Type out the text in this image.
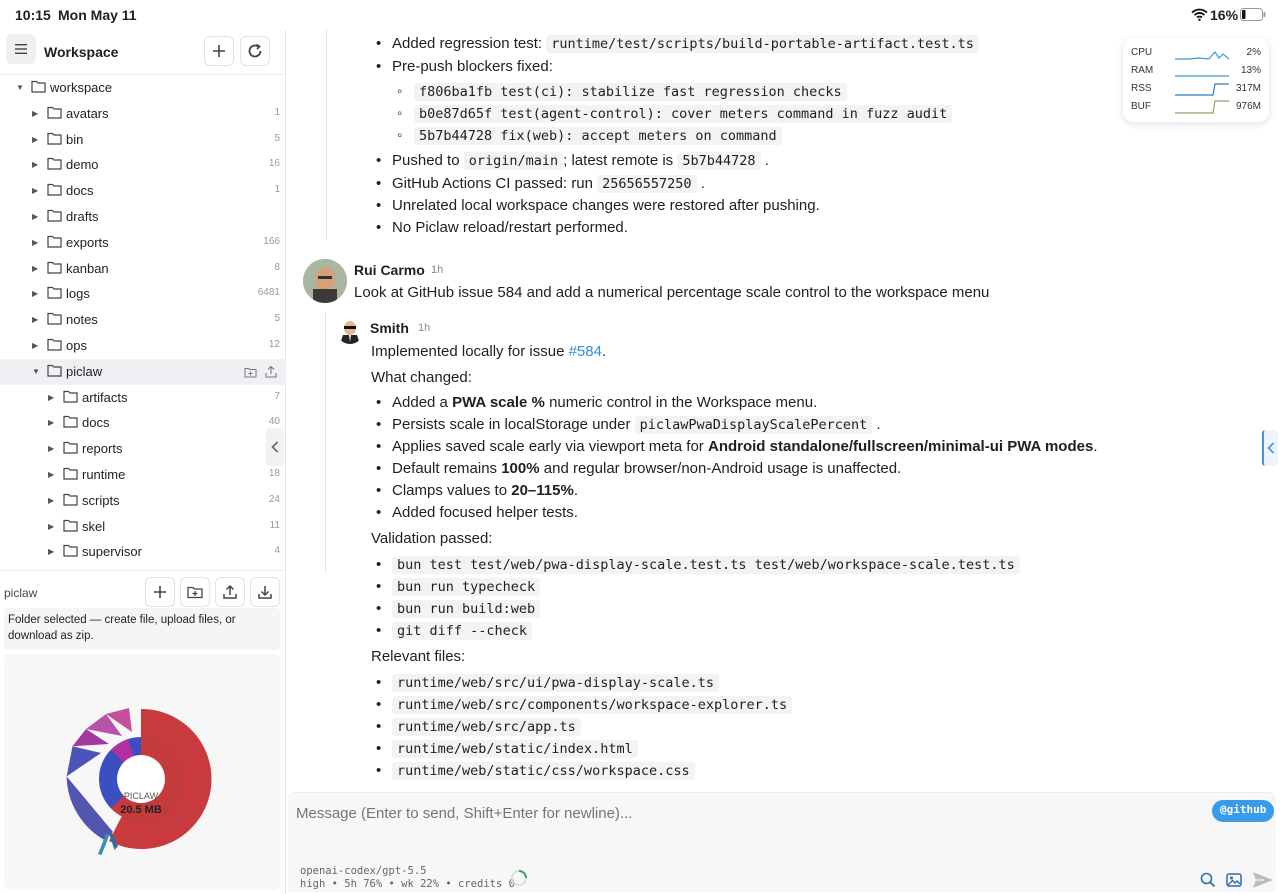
10:15 Mon May 11	16%
Workspace
▼ workspace
▶ avatars	1
▶ bin	5
▶ demo	16
▶ docs	1
▶ drafts
▶ exports	166
▶ kanban	8
▶ logs	6481
▶ notes	5
▶ ops	12
▼ piclaw
▶ artifacts	7
▶ docs	40
▶ reports
▶ runtime	18
▶ scripts	24
▶ skel	11
▶ supervisor	4
piclaw
Folder selected — create file, upload files, or download as zip.
PICLAW
20.5 MB
• Added regression test: runtime/test/scripts/build-portable-artifact.test.ts
• Pre-push blockers fixed:
◦ f806ba1fb test(ci): stabilize fast regression checks
◦ b0e87d65f test(agent-control): cover meters command in fuzz audit
◦ 5b7b44728 fix(web): accept meters on command
• Pushed to origin/main ; latest remote is 5b7b44728 .
• GitHub Actions CI passed: run 25656557250 .
• Unrelated local workspace changes were restored after pushing.
• No Piclaw reload/restart performed.
Rui Carmo 1h
Look at GitHub issue 584 and add a numerical percentage scale control to the workspace menu
Smith 1h
Implemented locally for issue #584.
What changed:
• Added a PWA scale % numeric control in the Workspace menu.
• Persists scale in localStorage under piclawPwaDisplayScalePercent .
• Applies saved scale early via viewport meta for Android standalone/fullscreen/minimal-ui PWA modes.
• Default remains 100% and regular browser/non-Android usage is unaffected.
• Clamps values to 20–115%.
• Added focused helper tests.
Validation passed:
• bun test test/web/pwa-display-scale.test.ts test/web/workspace-scale.test.ts
• bun run typecheck
• bun run build:web
• git diff --check
Relevant files:
• runtime/web/src/ui/pwa-display-scale.ts
• runtime/web/src/components/workspace-explorer.ts
• runtime/web/src/app.ts
• runtime/web/static/index.html
• runtime/web/static/css/workspace.css
Message (Enter to send, Shift+Enter for newline)...
@github
openai-codex/gpt-5.5
high • 5h 76% • wk 22% • credits 0
CPU	2%
RAM	13%
RSS	317M
BUF	976M
